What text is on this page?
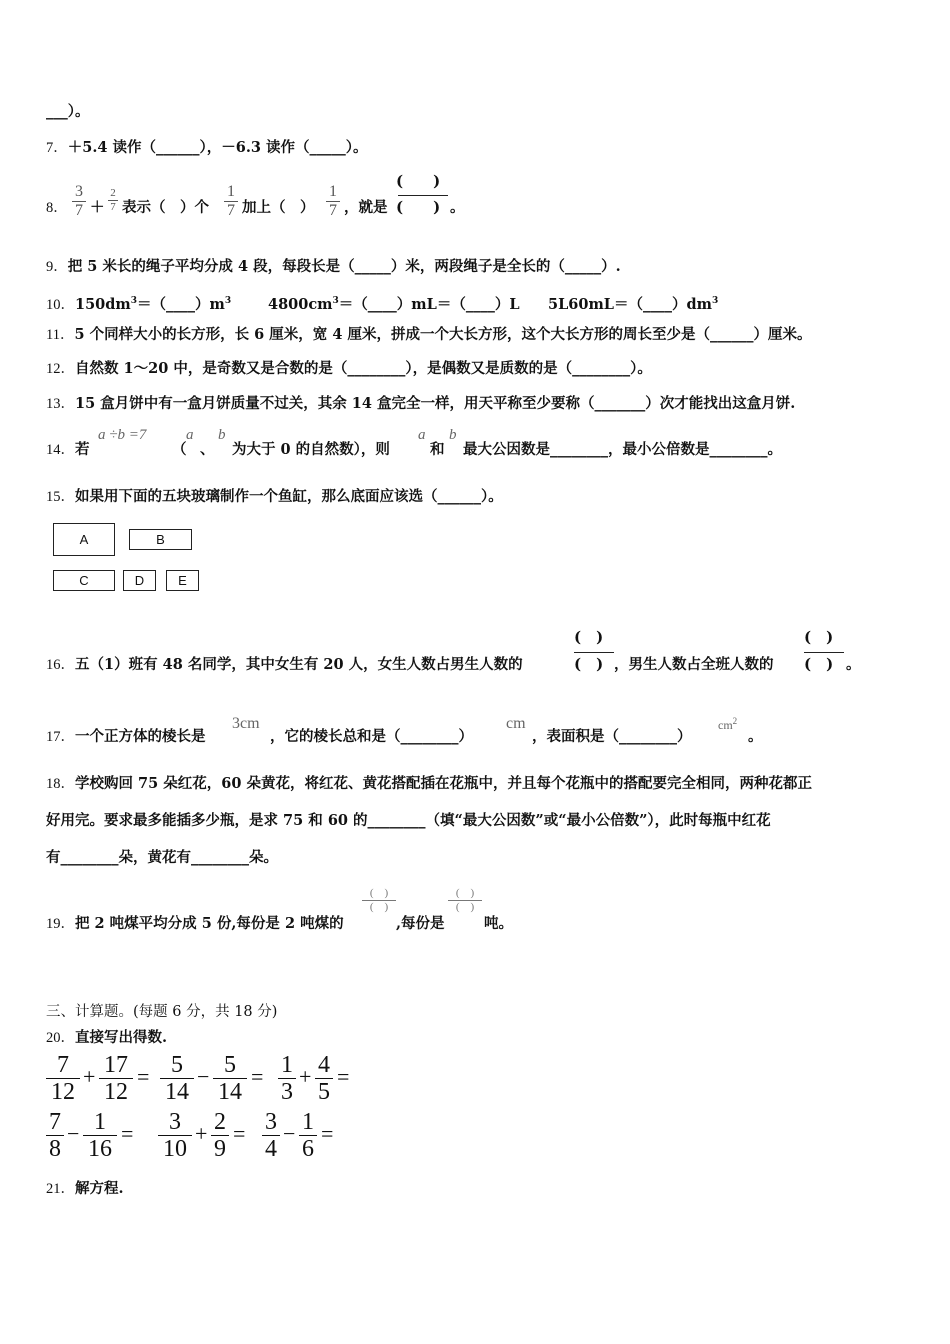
___）。
7．＋5.4 读作（______），－6.3 读作（_____）。
8．
3
7 ＋
2
7 表示（　）个
1
7 加上（　）
1
7 ，就是
(　　)
(　　) 。
9．把 5 米长的绳子平均分成 4 段，每段长是（_____）米，两段绳子是全长的（_____）.
10．$150dm^3=(\_\_\_\_)m^3$	$4800cm^3=(\_\_\_\_)mL=(\_\_\_\_)L$ $5L60mL=(\_\_\_\_)dm^3$
11．5 个同样大小的长方形，长 6 厘米，宽 4 厘米，拼成一个大长方形，这个大长方形的周长至少是（______）厘米。
12．自然数 1～20 中，是奇数又是合数的是（________），是偶数又是质数的是（________）。
13．15 盒月饼中有一盒月饼质量不过关，其余 14 盒完全一样，用天平称至少要称（_______）次才能找出这盒月饼.
14．若
a ÷b =7
（
a
、
b
为大于 0 的自然数），则
a
和
b
最大公因数是________，最小公倍数是________。
15．如果用下面的五块玻璃制作一个鱼缸，那么底面应该选（______）。
A	B
C	D	E
16．五（1）班有 48 名同学，其中女生有 20 人，女生人数占男生人数的
(　)
(　) ，男生人数占全班人数的
(　)
(　) 。
17．一个正方体的棱长是
3cm
，它的棱长总和是（________）
cm
，表面积是（________）
$cm^2$
。
18．学校购回 75 朵红花，60 朵黄花，将红花、黄花搭配插在花瓶中，并且每个花瓶中的搭配要完全相同，两种花都正
好用完。要求最多能插多少瓶，是求 75 和 60 的________（填“最大公因数”或“最小公倍数”），此时每瓶中红花
有________朵，黄花有________朵。
19．把 2 吨煤平均分成 5 份,每份是 2 吨煤的
(　)
(　)
,每份是
(　)
(　)
吨。
三、计算题。(每题 6 分，共 18 分)
20．直接写出得数.
7
12
+ 17
12
= 5
14
− 5
14
= 1
3
+ 4
5
=
7
8
− 1
16
=	3
10
+ 2
9
= 3
4
− 1
6
=
21．解方程.
